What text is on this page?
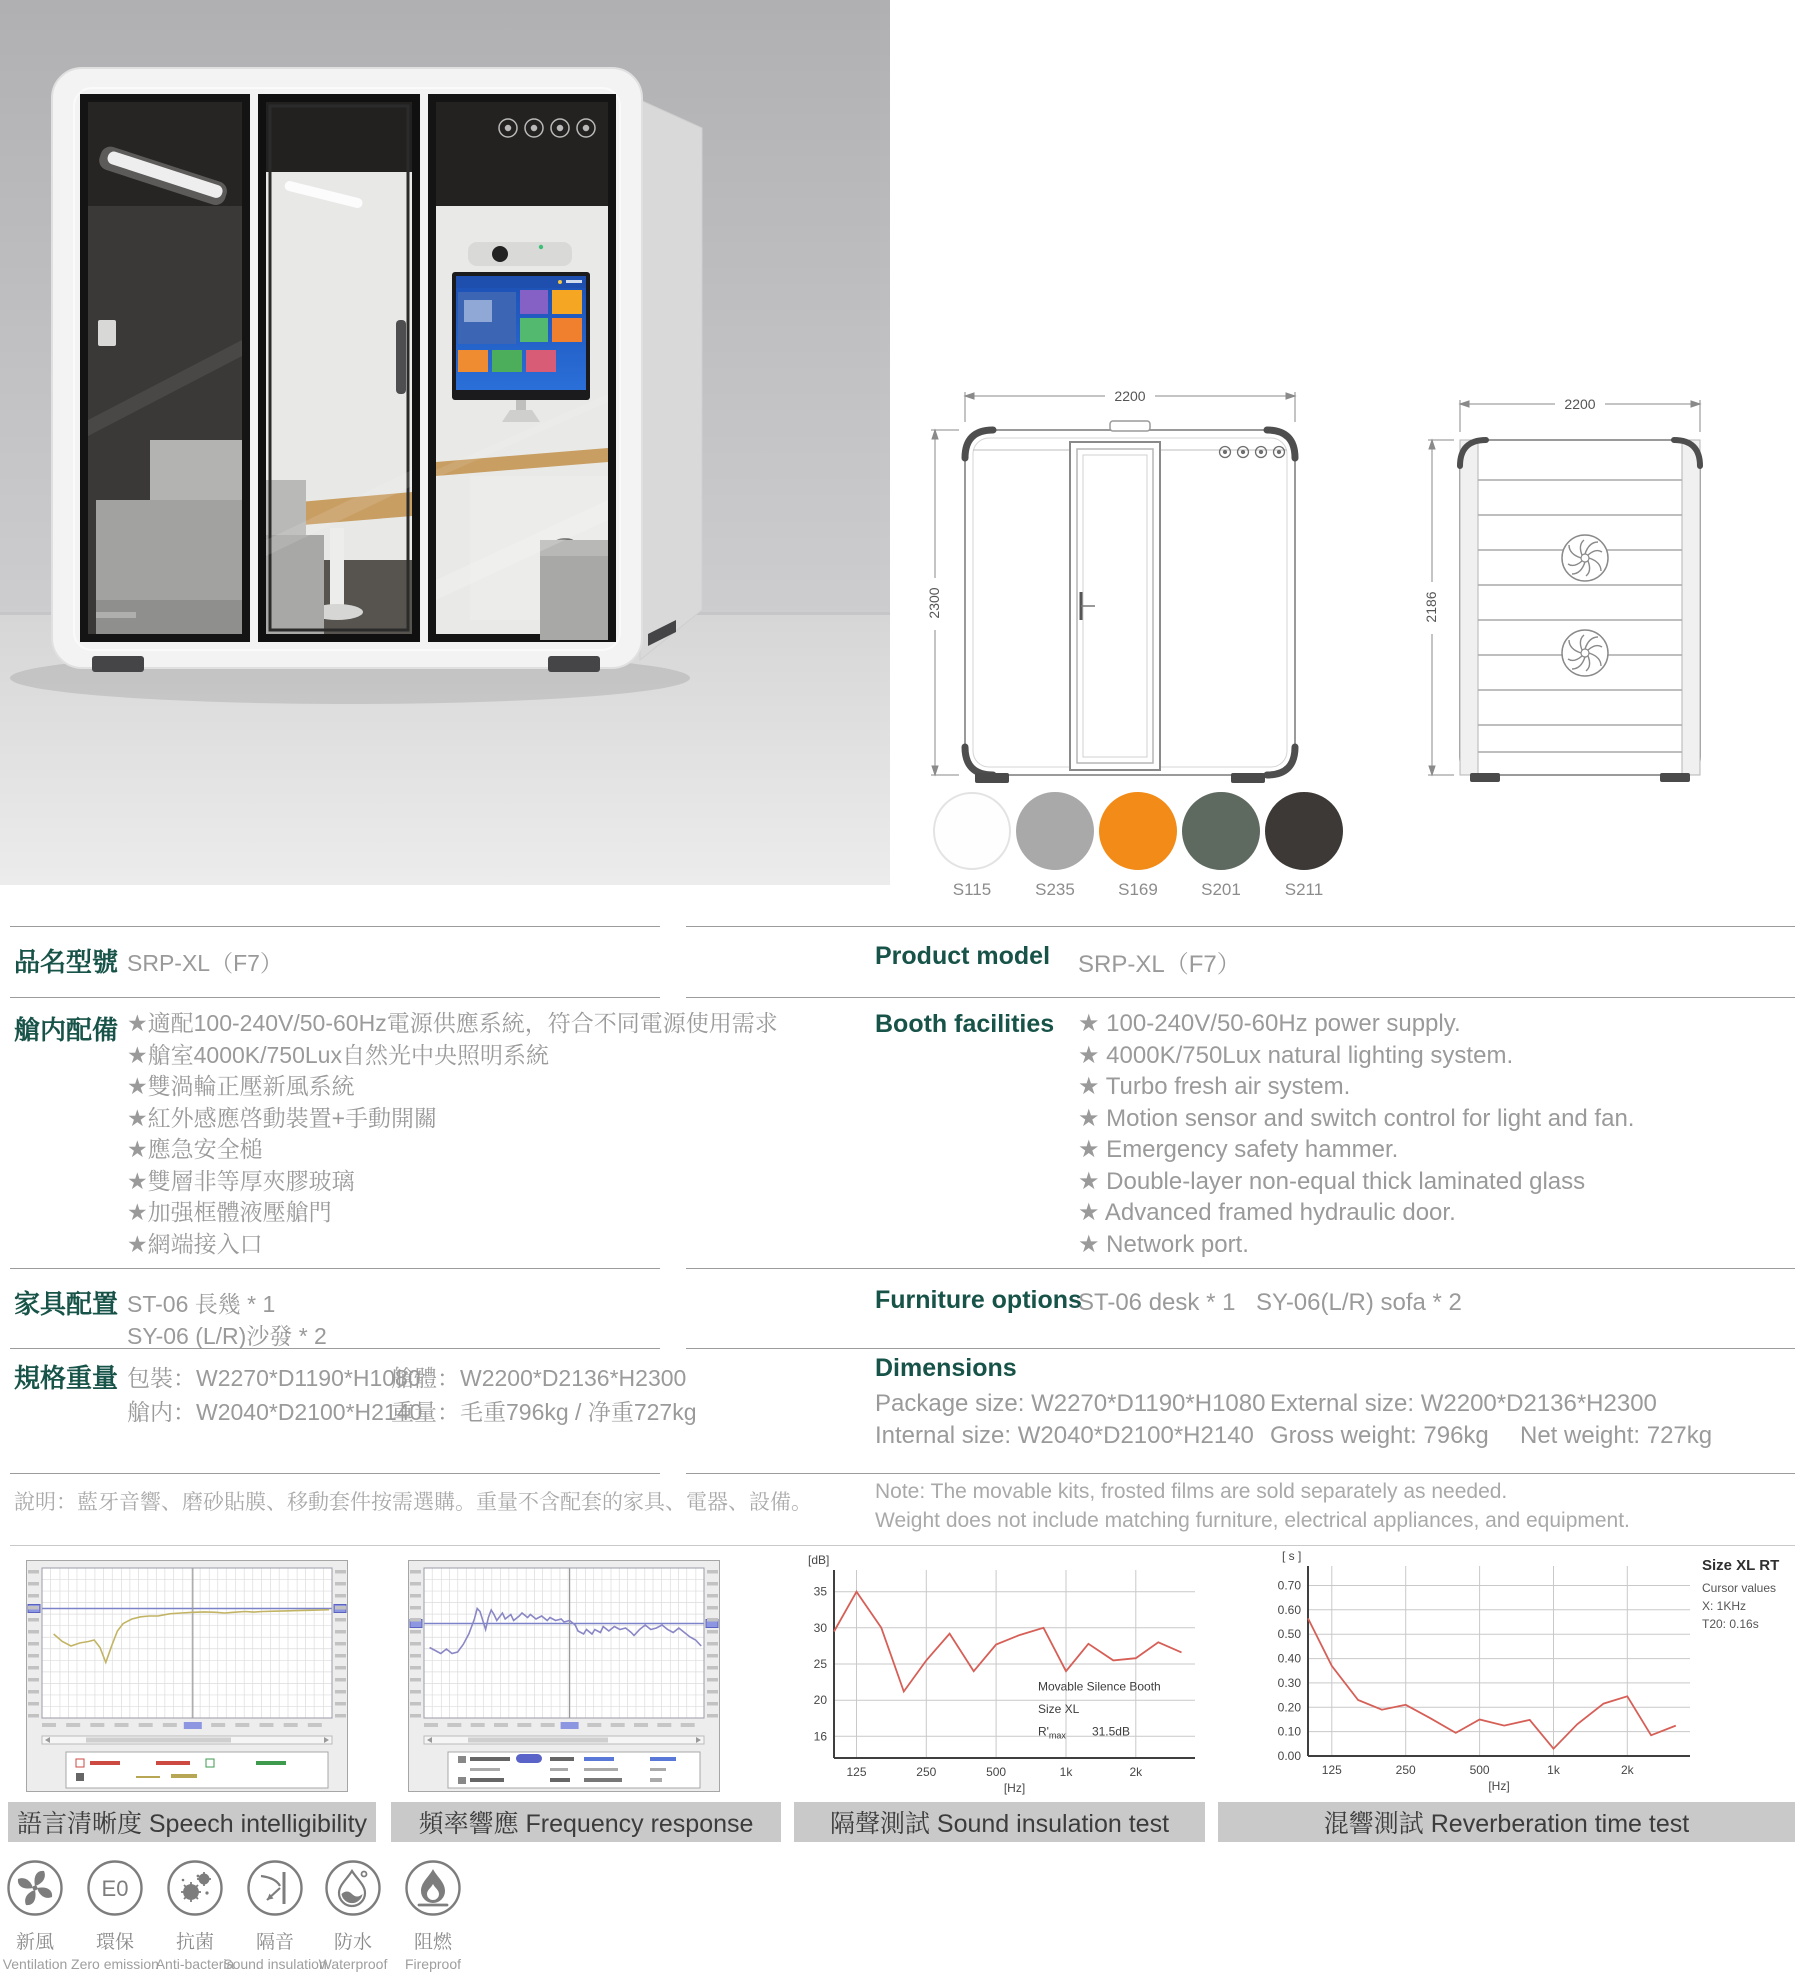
2200
2300
2200
2186
S115	S235	S169	S201	S211
品名型號 SRP-XL（F7）
艙内配備 ★適配100-240V/50-60Hz電源供應系統，符合不同電源使用需求
★艙室4000K/750Lux自然光中央照明系統
★雙渦輪正壓新風系統
★紅外感應啓動裝置+手動開關
★應急安全槌
★雙層非等厚夾膠玻璃
★加强框體液壓艙門
★網端接入口
家具配置 ST-06 長幾 * 1
SY-06 (L/R)沙發 * 2
規格重量 包裝：W2270*D1190*H1080
艙體：W2200*D2136*H2300
艙内：W2040*D2100*H2140
重量：毛重796kg / 净重727kg
說明：藍牙音響、磨砂貼膜、移動套件按需選購。重量不含配套的家具、電器、設備。
Product model SRP-XL（F7）
Booth facilities ★ 100-240V/50-60Hz power supply.
★ 4000K/750Lux natural lighting system.
★ Turbo fresh air system.
★ Motion sensor and switch control for light and fan.
★ Emergency safety hammer.
★ Double-layer non-equal thick laminated glass
★ Advanced framed hydraulic door.
★ Network port.
Furniture options
ST-06 desk * 1 SY-06(L/R) sofa * 2
Dimensions
Package size: W2270*D1190*H1080 External size: W2200*D2136*H2300
Internal size: W2040*D2100*H2140 Gross weight: 796kg Net weight: 727kg
Note: The movable kits, frosted films are sold separately as needed.
Weight does not include matching furniture, electrical appliances, and equipment.
35
30
25
20
16
125	250	500	1k	2k
[dB]
[Hz]
Movable Silence Booth
Size XL
$R'_{max}$ 31.5dB
0.70
0.60
0.50
0.40
0.30
0.20
0.10
0.00
125	250	500	1k	2k
[ s ]
[Hz]
Size XL RT
Cursor values
X: 1KHz
T20: 0.16s
語言清晰度 Speech intelligibility	頻率響應 Frequency response	隔聲測試 Sound insulation test	混響測試 Reverberation time test
新風
Ventilation
E0
環保
Zero emission
抗菌
Anti-bacteria
隔音
Sound insulation
防水
Waterproof
阻燃
Fireproof
